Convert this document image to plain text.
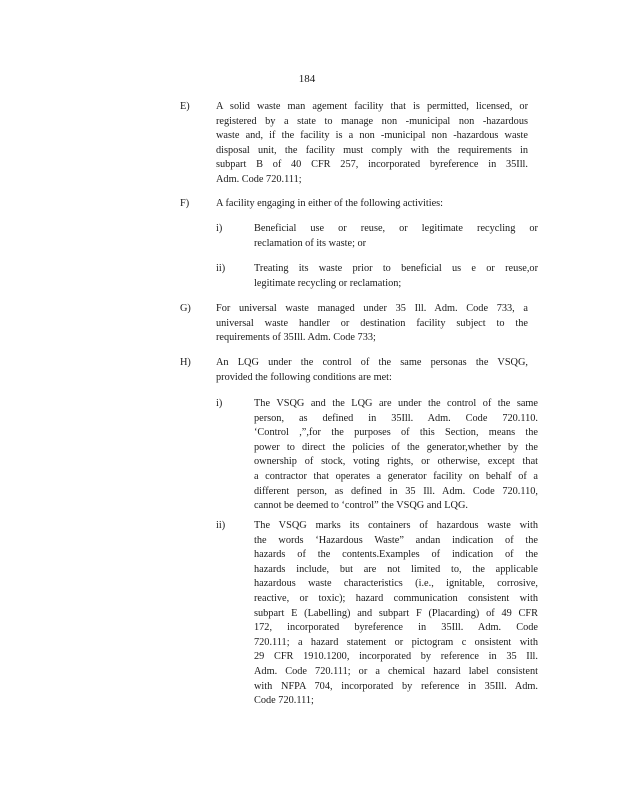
184
E)	A solid waste man agement facility that is permitted, licensed, or
registered by a state to manage non -municipal non -hazardous
waste and, if the facility is a non -municipal non -hazardous waste
disposal unit, the facility must comply with the requirements in
subpart B of 40 CFR 257, incorporated byreference in 35Ill.
Adm. Code 720.111;
F)	A facility engaging in either of the following activities:
i)	Beneficial use or reuse, or legitimate recycling or
reclamation of its waste; or
ii)	Treating its waste prior to beneficial us e or reuse,or
legitimate recycling or reclamation;
G) For universal waste managed under 35 Ill. Adm. Code 733, a
universal waste handler or destination facility subject to the
requirements of 35Ill. Adm. Code 733;
H) An LQG under the control of the same personas the VSQG,
provided the following conditions are met:
i)	The VSQG and the LQG are under the control of the same
person, as defined in 35Ill. Adm. Code 720.110.
‘Control ,”,for the purposes of this Section, means the
power to direct the policies of the generator,whether by the
ownership of stock, voting rights, or otherwise, except that
a contractor that operates a generator facility on behalf of a
different person, as defined in 35 Ill. Adm. Code 720.110,
cannot be deemed to ‘control” the VSQG and LQG.
ii)	The VSQG marks its containers of hazardous waste with
the words ‘Hazardous Waste” andan indication of the
hazards of the contents.Examples of indication of the
hazards include, but are not limited to, the applicable
hazardous waste characteristics (i.e., ignitable, corrosive,
reactive, or toxic); hazard communication consistent with
subpart E (Labelling) and subpart F (Placarding) of 49 CFR
172, incorporated byreference in 35Ill. Adm. Code
720.111; a hazard statement or pictogram c onsistent with
29 CFR 1910.1200, incorporated by reference in 35 Ill.
Adm. Code 720.111; or a chemical hazard label consistent
with NFPA 704, incorporated by reference in 35Ill. Adm.
Code 720.111;
